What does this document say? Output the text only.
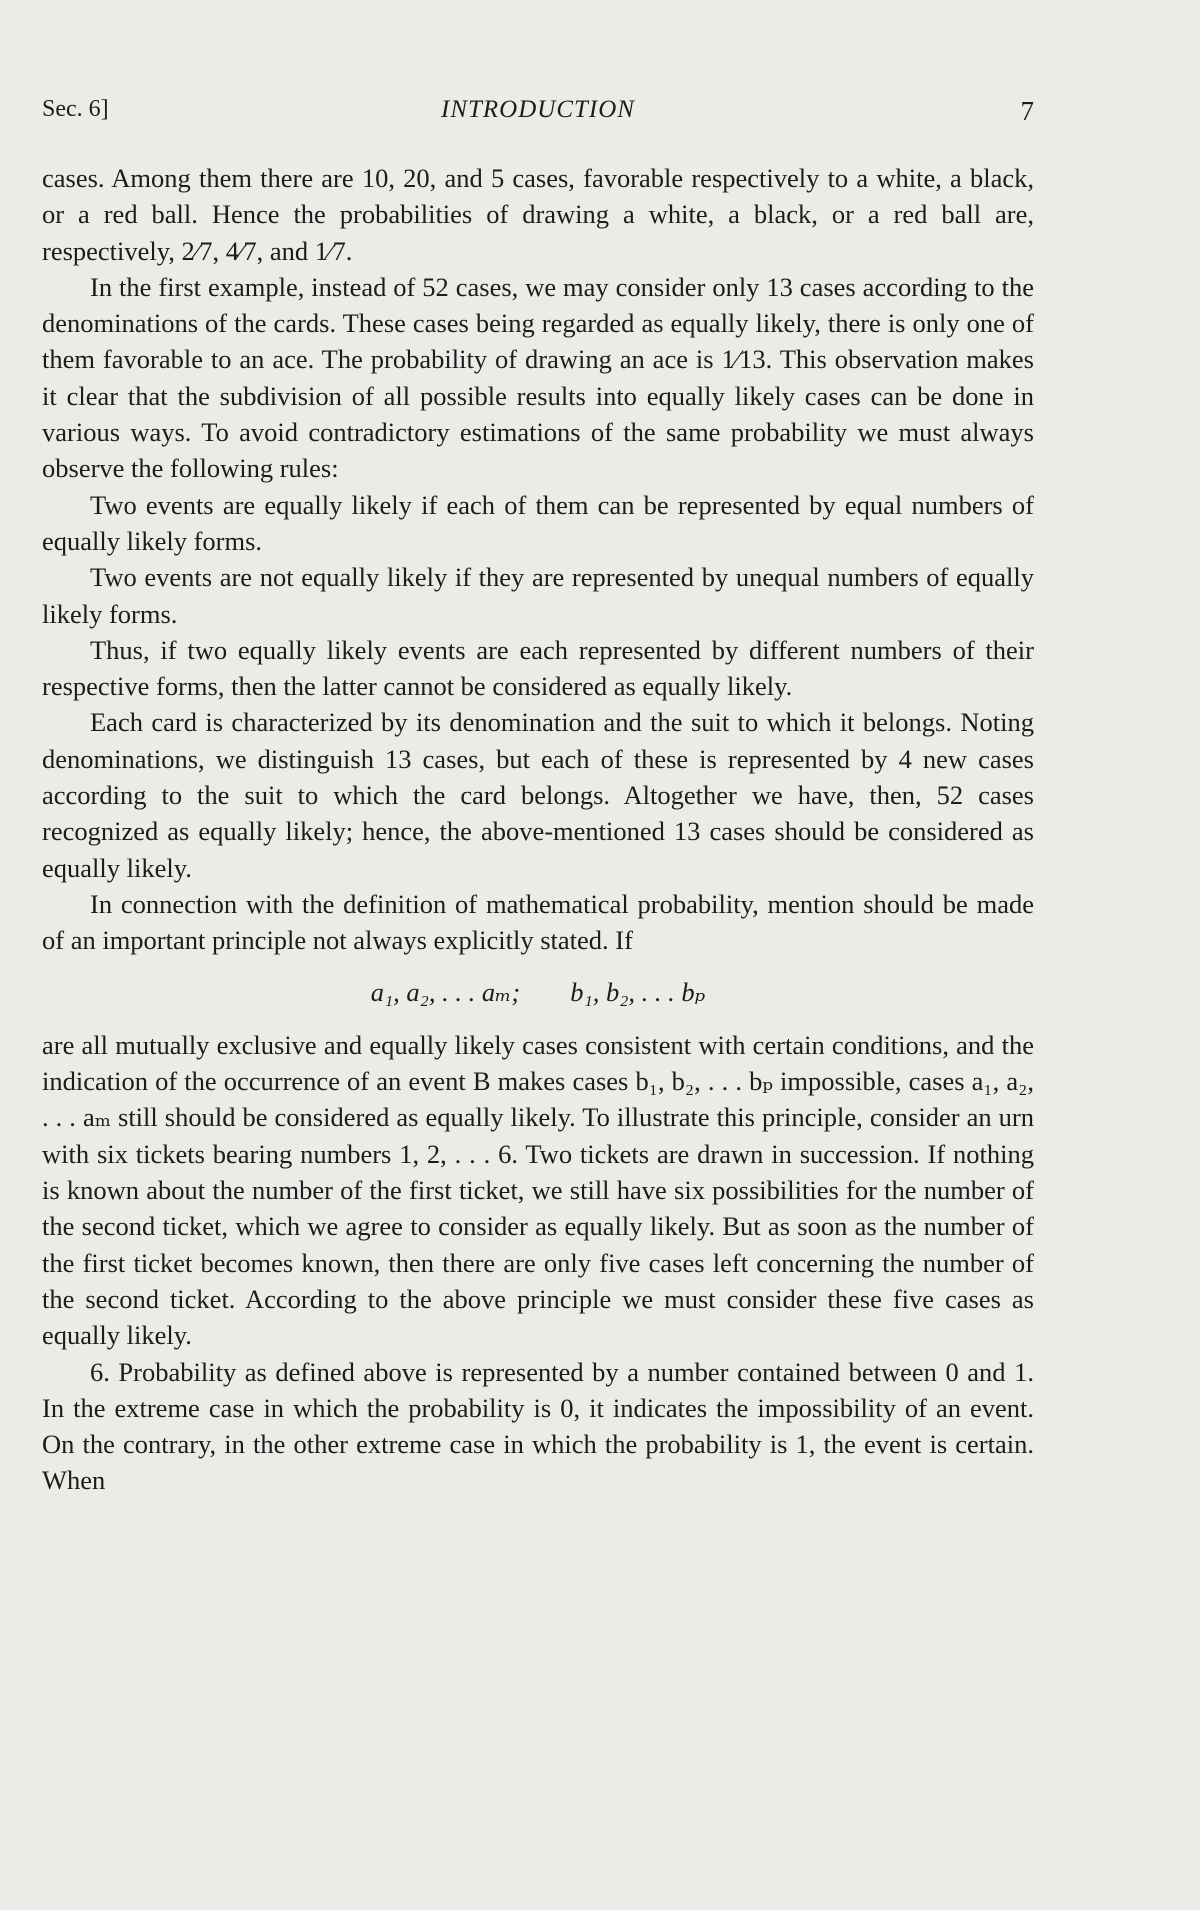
Sec. 6]	INTRODUCTION	7

cases. Among them there are 10, 20, and 5 cases, favorable respectively to a white, a black, or a red ball. Hence the probabilities of drawing a white, a black, or a red ball are, respectively, 2⁄7, 4⁄7, and 1⁄7.

In the first example, instead of 52 cases, we may consider only 13 cases according to the denominations of the cards. These cases being regarded as equally likely, there is only one of them favorable to an ace. The probability of drawing an ace is 1⁄13. This observation makes it clear that the subdivision of all possible results into equally likely cases can be done in various ways. To avoid contradictory estimations of the same probability we must always observe the following rules:

Two events are equally likely if each of them can be represented by equal numbers of equally likely forms.

Two events are not equally likely if they are represented by unequal numbers of equally likely forms.

Thus, if two equally likely events are each represented by different numbers of their respective forms, then the latter cannot be considered as equally likely.

Each card is characterized by its denomination and the suit to which it belongs. Noting denominations, we distinguish 13 cases, but each of these is represented by 4 new cases according to the suit to which the card belongs. Altogether we have, then, 52 cases recognized as equally likely; hence, the above-mentioned 13 cases should be considered as equally likely.

In connection with the definition of mathematical probability, mention should be made of an important principle not always explicitly stated. If

a₁, a₂, . . . aₘ; b₁, b₂, . . . bₚ

are all mutually exclusive and equally likely cases consistent with certain conditions, and the indication of the occurrence of an event B makes cases b₁, b₂, . . . bₚ impossible, cases a₁, a₂, . . . aₘ still should be considered as equally likely. To illustrate this principle, consider an urn with six tickets bearing numbers 1, 2, . . . 6. Two tickets are drawn in succession. If nothing is known about the number of the first ticket, we still have six possibilities for the number of the second ticket, which we agree to consider as equally likely. But as soon as the number of the first ticket becomes known, then there are only five cases left concerning the number of the second ticket. According to the above principle we must consider these five cases as equally likely.

6. Probability as defined above is represented by a number contained between 0 and 1. In the extreme case in which the probability is 0, it indicates the impossibility of an event. On the contrary, in the other extreme case in which the probability is 1, the event is certain. When
